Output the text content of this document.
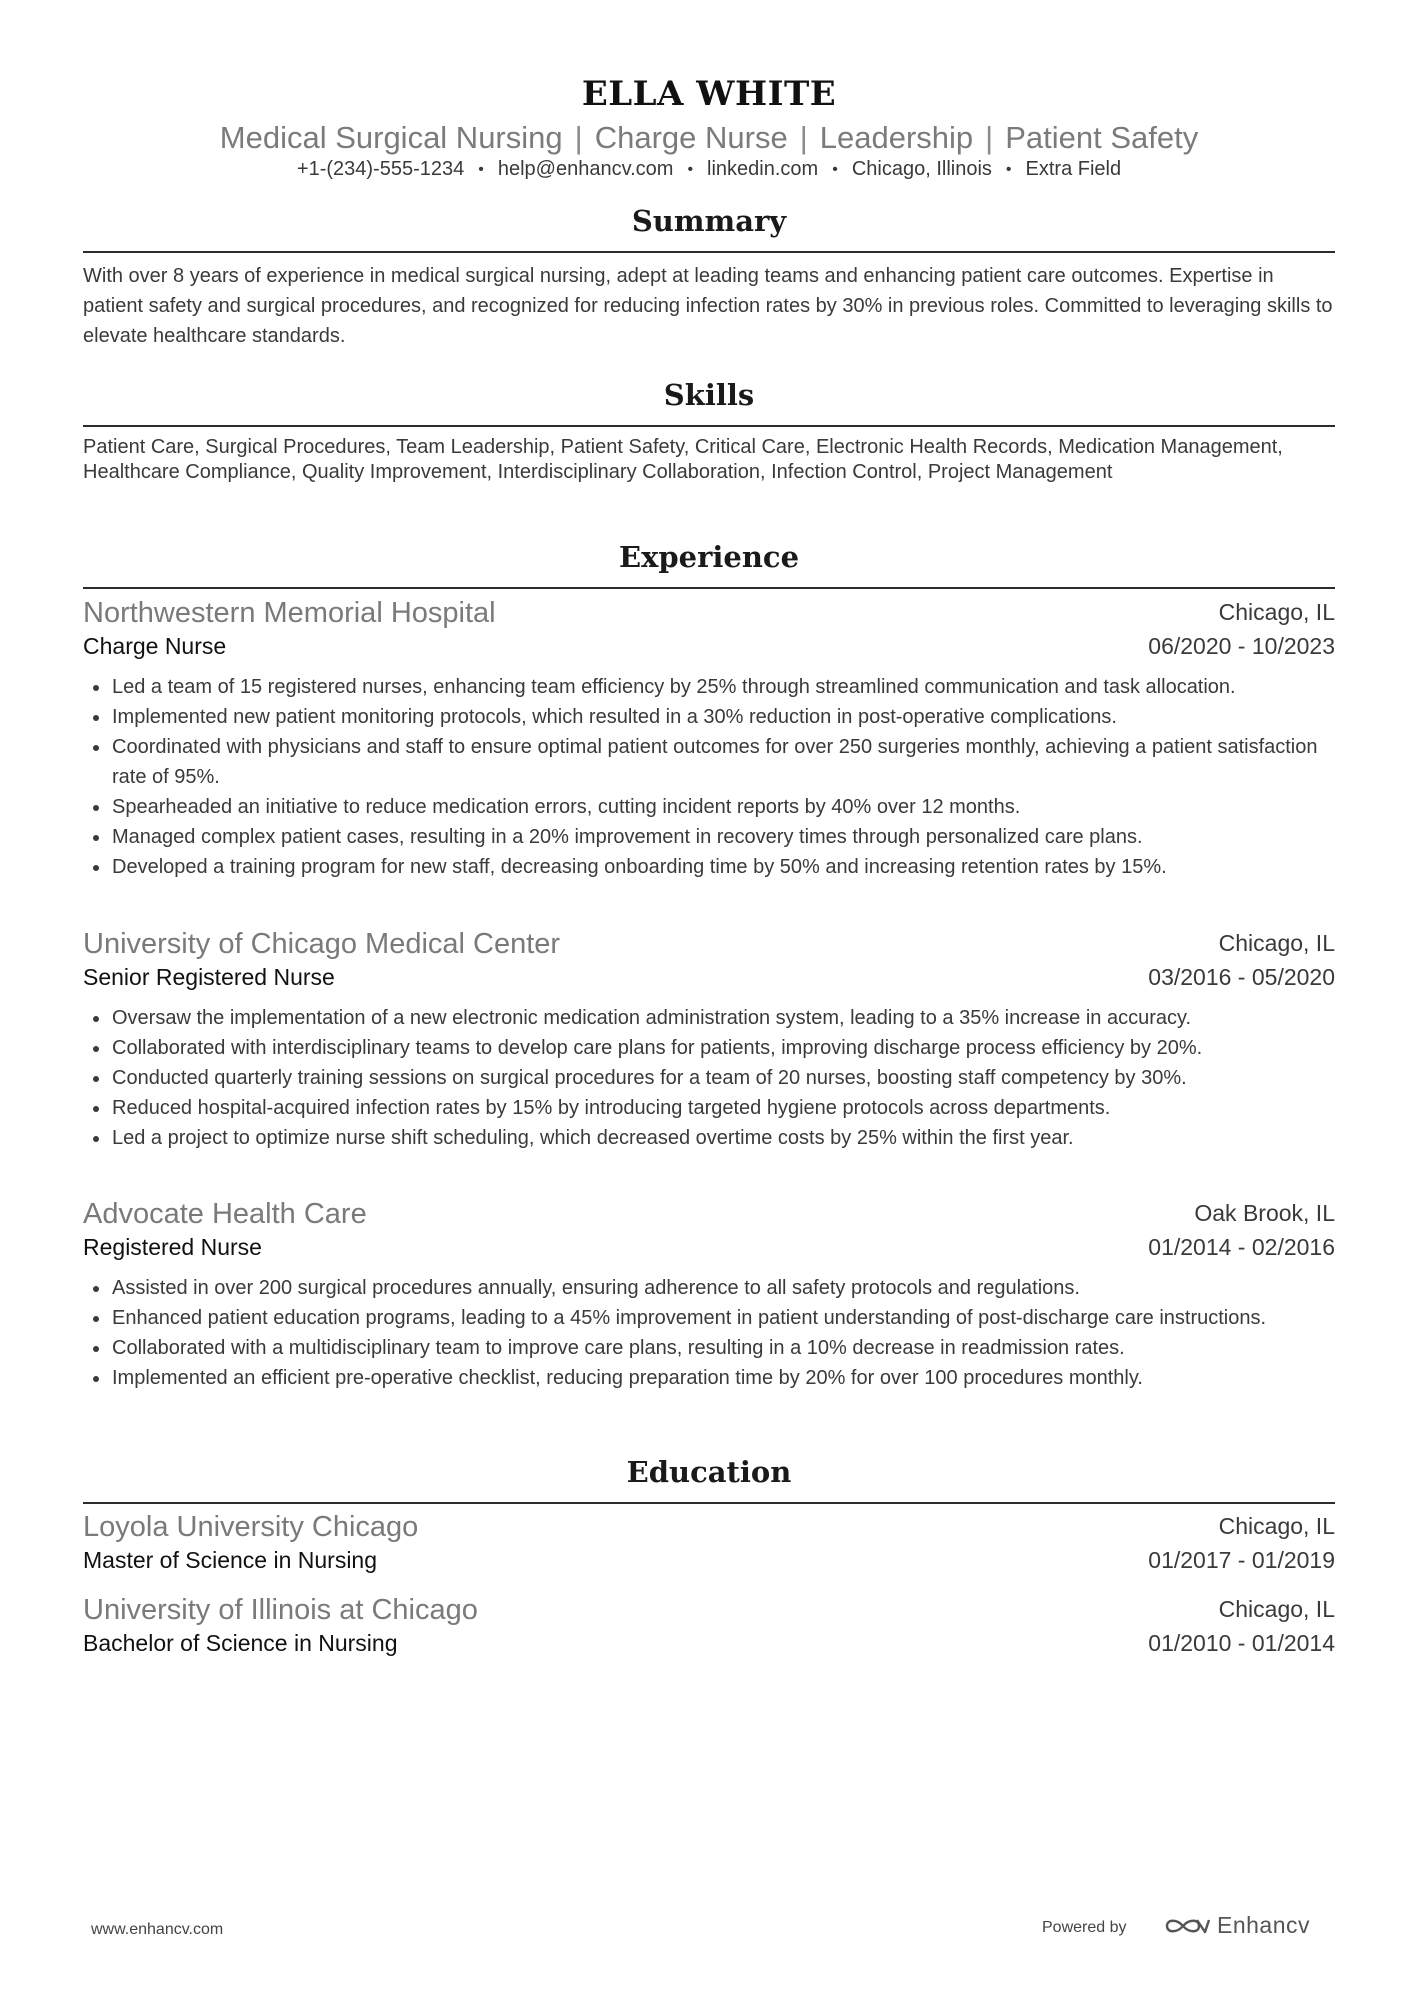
ELLA WHITE
Medical Surgical Nursing | Charge Nurse | Leadership | Patient Safety
+1-(234)-555-1234 • help@enhancv.com • linkedin.com • Chicago, Illinois • Extra Field
Summary
With over 8 years of experience in medical surgical nursing, adept at leading teams and enhancing patient care outcomes. Expertise in patient safety and surgical procedures, and recognized for reducing infection rates by 30% in previous roles. Committed to leveraging skills to elevate healthcare standards.
Skills
Patient Care, Surgical Procedures, Team Leadership, Patient Safety, Critical Care, Electronic Health Records, Medication Management, Healthcare Compliance, Quality Improvement, Interdisciplinary Collaboration, Infection Control, Project Management
Experience
Northwestern Memorial Hospital	Chicago, IL
Charge Nurse	06/2020 - 10/2023
Led a team of 15 registered nurses, enhancing team efficiency by 25% through streamlined communication and task allocation.
Implemented new patient monitoring protocols, which resulted in a 30% reduction in post-operative complications.
Coordinated with physicians and staff to ensure optimal patient outcomes for over 250 surgeries monthly, achieving a patient satisfaction rate of 95%.
Spearheaded an initiative to reduce medication errors, cutting incident reports by 40% over 12 months.
Managed complex patient cases, resulting in a 20% improvement in recovery times through personalized care plans.
Developed a training program for new staff, decreasing onboarding time by 50% and increasing retention rates by 15%.
University of Chicago Medical Center	Chicago, IL
Senior Registered Nurse	03/2016 - 05/2020
Oversaw the implementation of a new electronic medication administration system, leading to a 35% increase in accuracy.
Collaborated with interdisciplinary teams to develop care plans for patients, improving discharge process efficiency by 20%.
Conducted quarterly training sessions on surgical procedures for a team of 20 nurses, boosting staff competency by 30%.
Reduced hospital-acquired infection rates by 15% by introducing targeted hygiene protocols across departments.
Led a project to optimize nurse shift scheduling, which decreased overtime costs by 25% within the first year.
Advocate Health Care	Oak Brook, IL
Registered Nurse	01/2014 - 02/2016
Assisted in over 200 surgical procedures annually, ensuring adherence to all safety protocols and regulations.
Enhanced patient education programs, leading to a 45% improvement in patient understanding of post-discharge care instructions.
Collaborated with a multidisciplinary team to improve care plans, resulting in a 10% decrease in readmission rates.
Implemented an efficient pre-operative checklist, reducing preparation time by 20% for over 100 procedures monthly.
Education
Loyola University Chicago	Chicago, IL
Master of Science in Nursing	01/2017 - 01/2019
University of Illinois at Chicago	Chicago, IL
Bachelor of Science in Nursing	01/2010 - 01/2014
www.enhancv.com	Powered by	Enhancv
